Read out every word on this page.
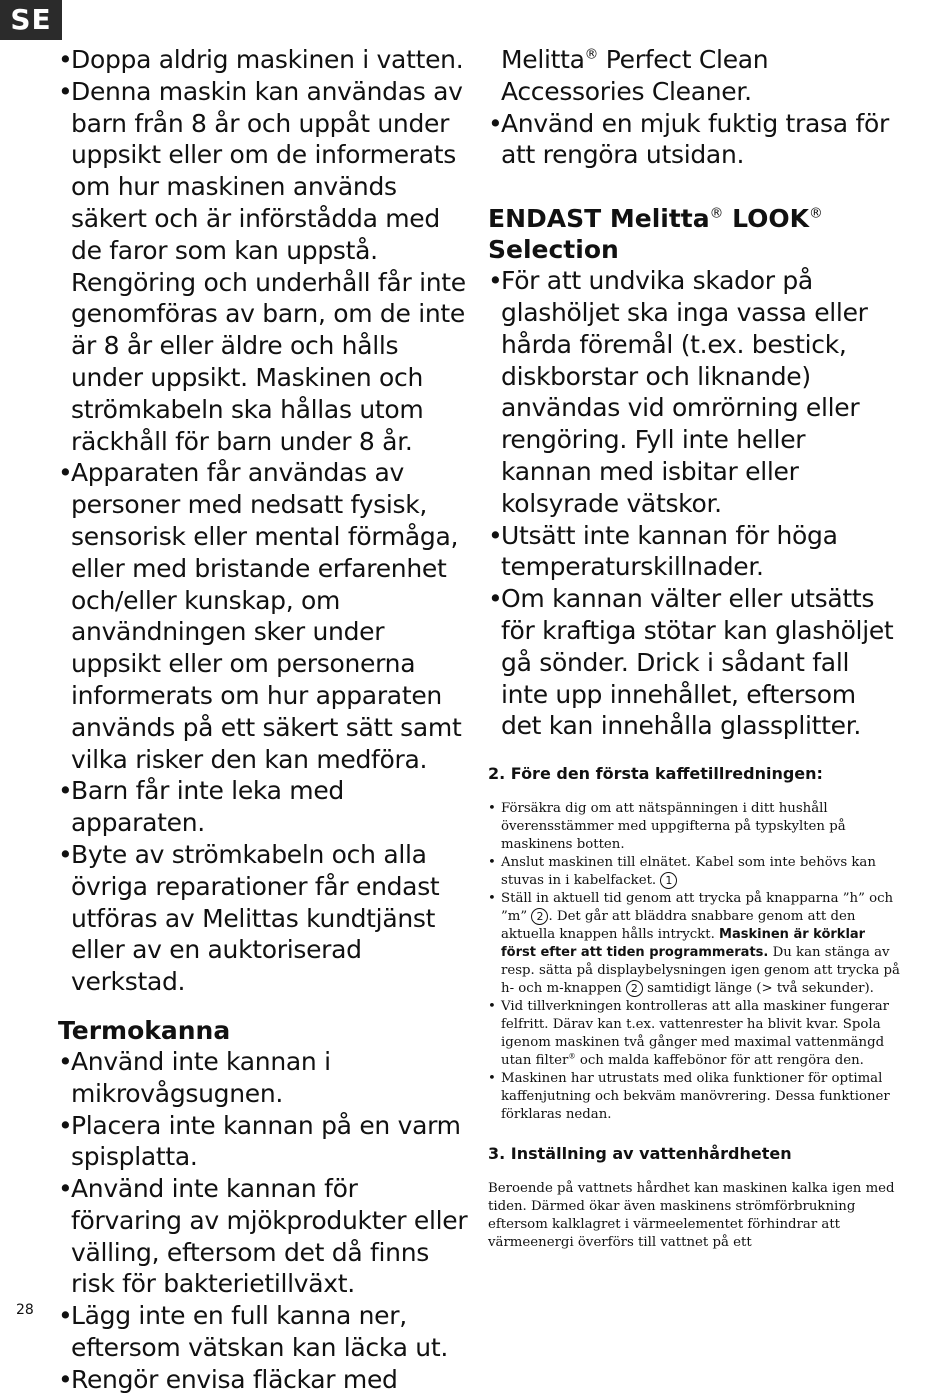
SE
• Doppa aldrig maskinen i vatten.
• Denna maskin kan användas av barn från 8 år och uppåt under uppsikt eller om de informerats om hur maskinen används säkert och är införstådda med de faror som kan uppstå. Rengöring och underhåll får inte genomföras av barn, om de inte är 8 år eller äldre och hålls under uppsikt. Maskinen och strömkabeln ska hållas utom räckhåll för barn under 8 år.
• Apparaten får användas av personer med nedsatt fysisk, sensorisk eller mental förmåga, eller med bristande erfarenhet och/eller kunskap, om användningen sker under uppsikt eller om personerna informerats om hur apparaten används på ett säkert sätt samt vilka risker den kan medföra.
• Barn får inte leka med apparaten.
• Byte av strömkabeln och alla övriga reparationer får endast utföras av Melittas kundtjänst eller av en auktoriserad verkstad.
Termokanna
• Använd inte kannan i mikrovågsugnen.
• Placera inte kannan på en varm spisplatta.
• Använd inte kannan för förvaring av mjökprodukter eller välling, eftersom det då finns risk för bakterietillväxt.
• Lägg inte en full kanna ner, eftersom vätskan kan läcka ut.
• Rengör envisa fläckar med
Melitta® Perfect Clean Accessories Cleaner.
• Använd en mjuk fuktig trasa för att rengöra utsidan.
ENDAST Melitta® LOOK®
Selection
• För att undvika skador på glashöljet ska inga vassa eller hårda föremål (t.ex. bestick, diskborstar och liknande) användas vid omrörning eller rengöring. Fyll inte heller kannan med isbitar eller kolsyrade vätskor.
• Utsätt inte kannan för höga temperaturskillnader.
• Om kannan välter eller utsätts för kraftiga stötar kan glashöljet gå sönder. Drick i sådant fall inte upp innehållet, eftersom det kan innehålla glassplitter.
2. Före den första kaffetillredningen:
• Försäkra dig om att nätspänningen i ditt hushåll överensstämmer med uppgifterna på typskylten på maskinens botten.
• Anslut maskinen till elnätet. Kabel som inte behövs kan stuvas in i kabelfacket. 1
• Ställ in aktuell tid genom att trycka på knapparna ”h” och ”m” 2 . Det går att bläddra snabbare genom att den aktuella knappen hålls intryckt. Maskinen är körklar först efter att tiden programmerats. Du kan stänga av resp. sätta på displaybelysningen igen genom att trycka på h- och m-knappen 2 samtidigt länge (> två sekunder).
• Vid tillverkningen kontrolleras att alla maskiner fungerar felfritt. Därav kan t.ex. vattenrester ha blivit kvar. Spola igenom maskinen två gånger med maximal vattenmängd utan filter® och malda kaffebönor för att rengöra den.
• Maskinen har utrustats med olika funktioner för optimal kaffenjutning och bekväm manövrering. Dessa funktioner förklaras nedan.
3. Inställning av vattenhårdheten

Beroende på vattnets hårdhet kan maskinen kalka igen med tiden. Därmed ökar även maskinens strömförbrukning eftersom kalklagret i värmeelementet förhindrar att värmeenergi överförs till vattnet på ett

28
